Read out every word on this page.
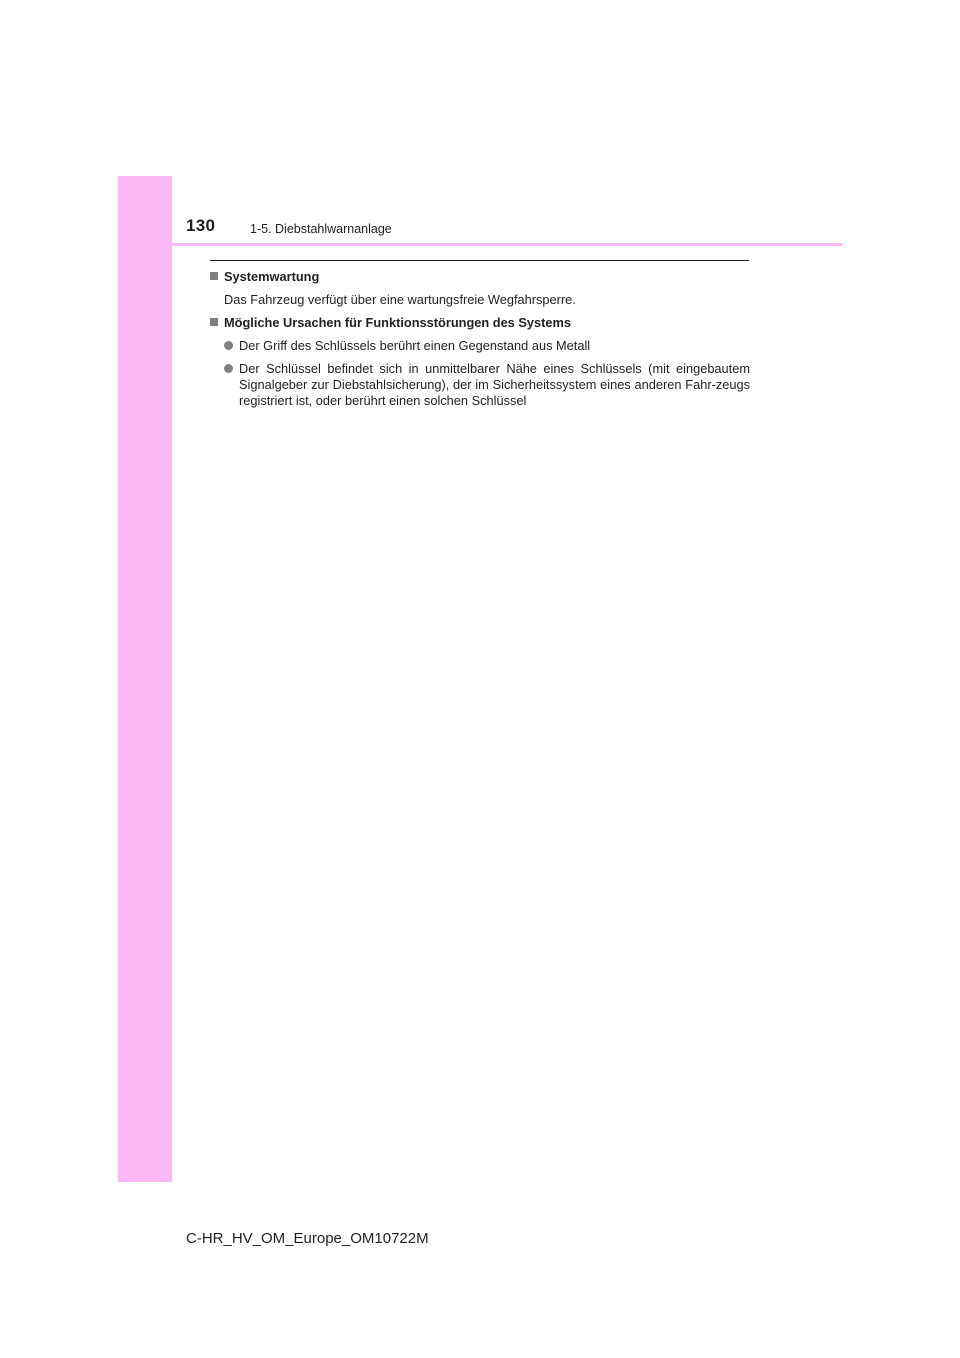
130	1-5. Diebstahlwarnanlage
Systemwartung
Das Fahrzeug verfügt über eine wartungsfreie Wegfahrsperre.
Mögliche Ursachen für Funktionsstörungen des Systems
Der Griff des Schlüssels berührt einen Gegenstand aus Metall
Der Schlüssel befindet sich in unmittelbarer Nähe eines Schlüssels (mit eingebautem Signalgeber zur Diebstahlsicherung), der im Sicherheitssystem eines anderen Fahr-zeugs registriert ist, oder berührt einen solchen Schlüssel
C-HR_HV_OM_Europe_OM10722M
